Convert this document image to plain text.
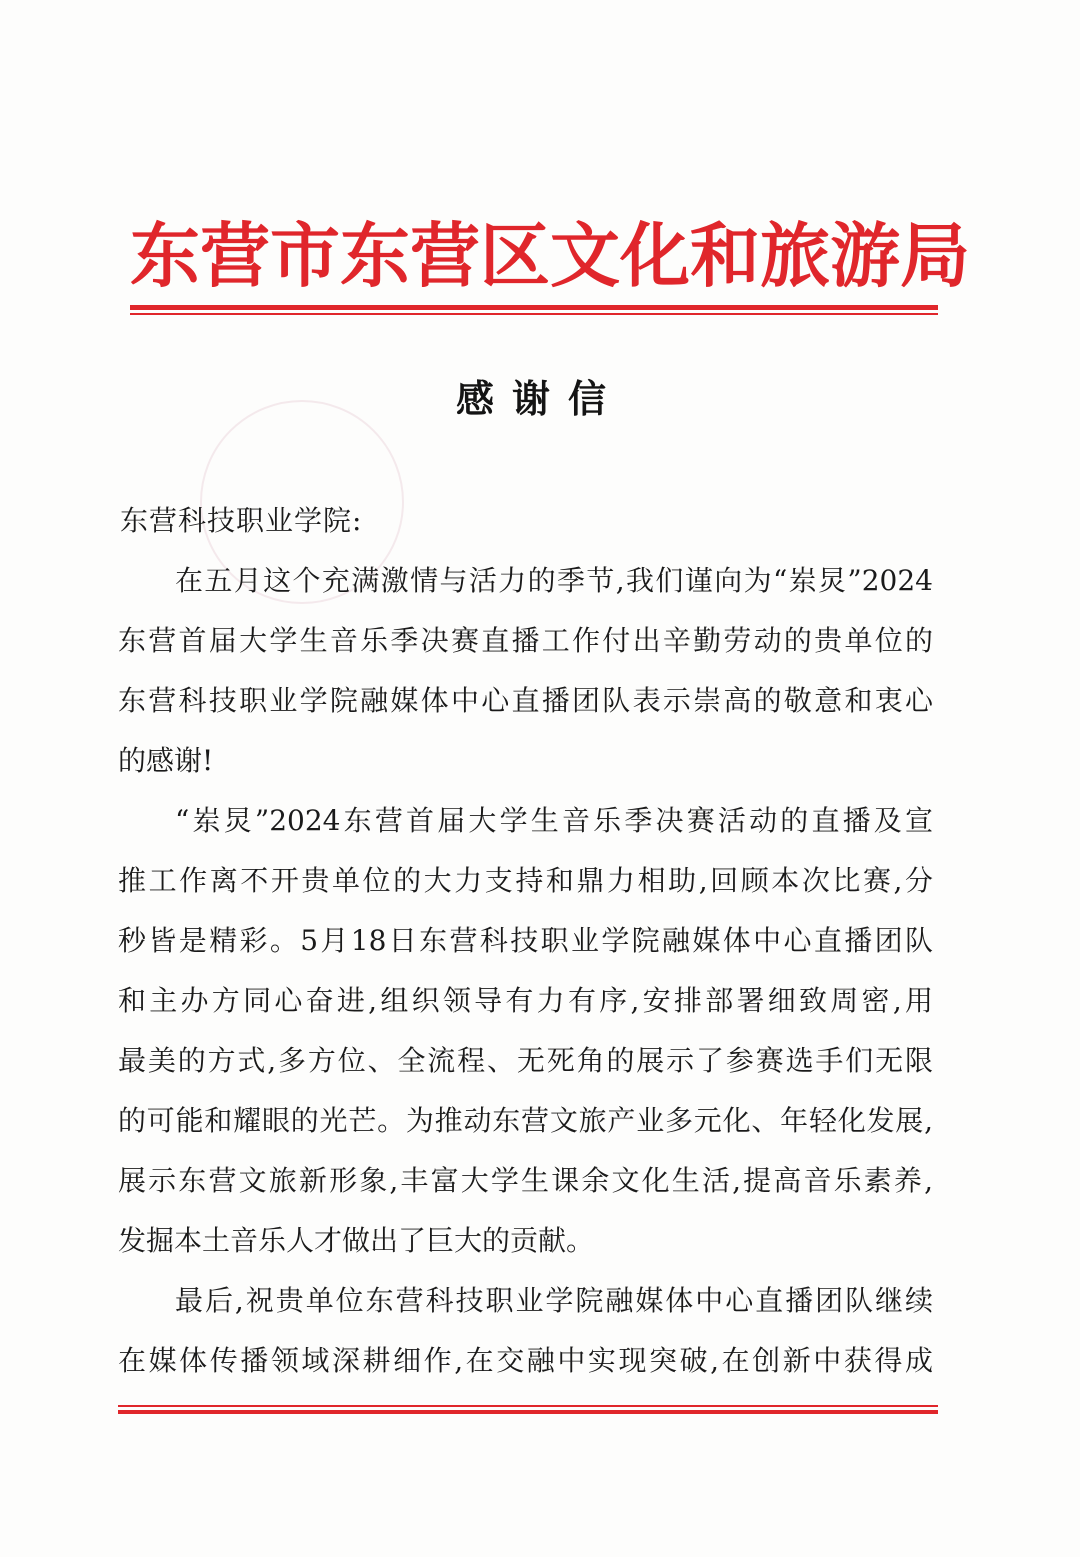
东营市东营区文化和旅游局
感谢信
东营科技职业学院:
在五月这个充满激情与活力的季节,我们谨向为“岽炅”2024
东营首届大学生音乐季决赛直播工作付出辛勤劳动的贵单位的
东营科技职业学院融媒体中心直播团队表示崇高的敬意和衷心
的感谢!
“岽炅”2024东营首届大学生音乐季决赛活动的直播及宣
推工作离不开贵单位的大力支持和鼎力相助,回顾本次比赛,分
秒皆是精彩。5月18日东营科技职业学院融媒体中心直播团队
和主办方同心奋进,组织领导有力有序,安排部署细致周密,用
最美的方式,多方位、全流程、无死角的展示了参赛选手们无限
的可能和耀眼的光芒。为推动东营文旅产业多元化、年轻化发展,
展示东营文旅新形象,丰富大学生课余文化生活,提高音乐素养,
发掘本土音乐人才做出了巨大的贡献。
最后,祝贵单位东营科技职业学院融媒体中心直播团队继续
在媒体传播领域深耕细作,在交融中实现突破,在创新中获得成
